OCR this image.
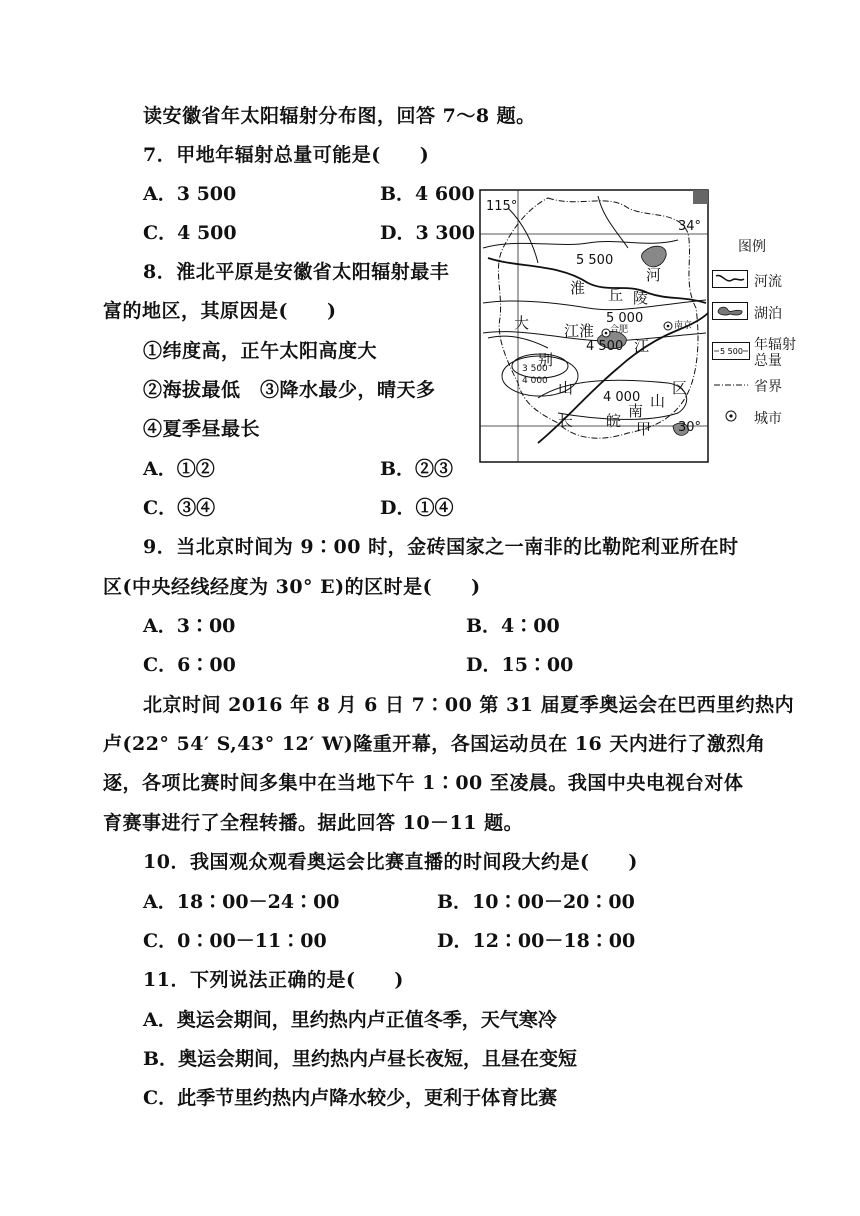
读安徽省年太阳辐射分布图，回答 7～8 题。
7．甲地年辐射总量可能是(　　)
A．3 500	B．4 600
C．4 500	D．3 300
8．淮北平原是安徽省太阳辐射最丰
富的地区，其原因是(　　)
①纬度高，正午太阳高度大
②海拔最低　③降水最少，晴天多
④夏季昼最长
A．①②	B．②③
C．③④	D．①④
9．当北京时间为 9∶00 时，金砖国家之一南非的比勒陀利亚所在时
区(中央经线经度为 30° E)的区时是(　　)
A．3∶00	B．4∶00
C．6∶00	D．15∶00
北京时间 2016 年 8 月 6 日 7∶00 第 31 届夏季奥运会在巴西里约热内
卢(22° 54′ S,43° 12′ W)隆重开幕，各国运动员在 16 天内进行了激烈角
逐，各项比赛时间多集中在当地下午 1∶00 至凌晨。我国中央电视台对体
育赛事进行了全程转播。据此回答 10－11 题。
10．我国观众观看奥运会比赛直播的时间段大约是(　　)
A．18∶00－24∶00	B．10∶00－20∶00
C．0∶00－11∶00	D．12∶00－18∶00
11．下列说法正确的是(　　)
A．奥运会期间，里约热内卢正值冬季，天气寒冷
B．奥运会期间，里约热内卢昼长夜短，且昼在变短
C．此季节里约热内卢降水较少，更利于体育比赛
115°
34°
30°
5 500
5 000
4 500
4 000
淮
河
丘 陵
江淮
江
大
别
山
长 皖
南
山
区
甲
合肥	南京
3 500
4 000
图例
河流
湖泊
5 500 年辐射
总量
省界
城市
